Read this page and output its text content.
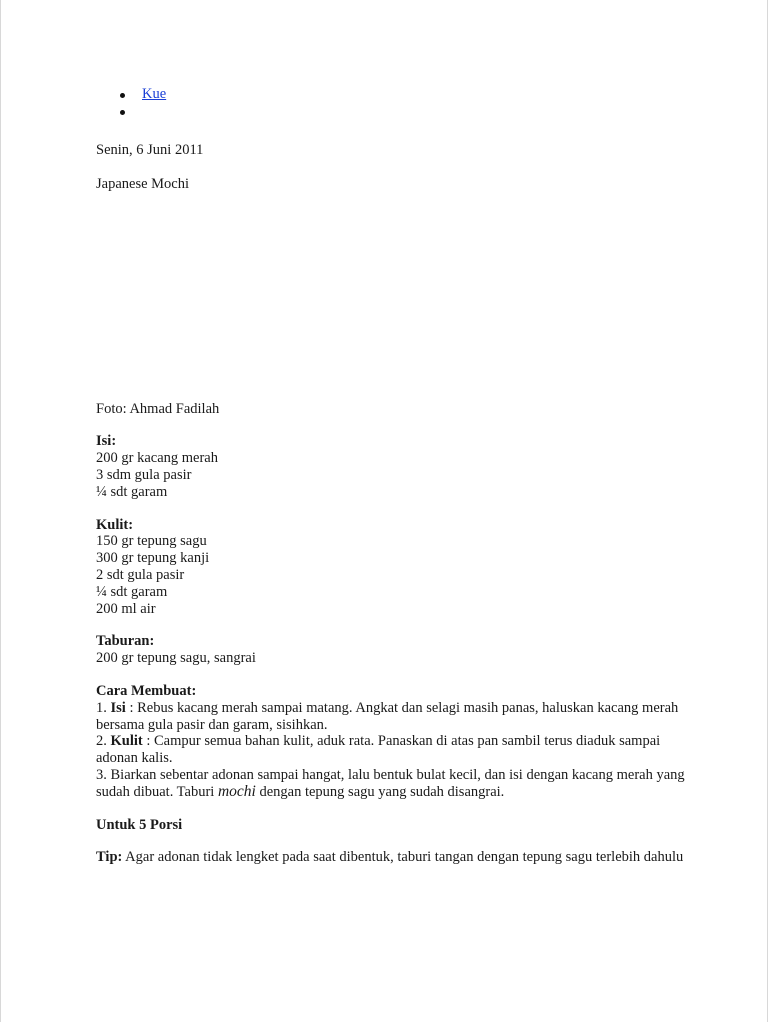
Kue

Senin, 6 Juni 2011

Japanese Mochi

Foto: Ahmad Fadilah

Isi:
200 gr kacang merah
3 sdm gula pasir
¼ sdt garam
Kulit:
150 gr tepung sagu
300 gr tepung kanji
2 sdt gula pasir
¼ sdt garam
200 ml air
Taburan:
200 gr tepung sagu, sangrai
Cara Membuat:
1. Isi : Rebus kacang merah sampai matang. Angkat dan selagi masih panas, haluskan kacang merah bersama gula pasir dan garam, sisihkan.
2. Kulit : Campur semua bahan kulit, aduk rata. Panaskan di atas pan sambil terus diaduk sampai adonan kalis.
3. Biarkan sebentar adonan sampai hangat, lalu bentuk bulat kecil, dan isi dengan kacang merah yang sudah dibuat. Taburi mochi dengan tepung sagu yang sudah disangrai.
Untuk 5 Porsi
Tip: Agar adonan tidak lengket pada saat dibentuk, taburi tangan dengan tepung sagu terlebih dahulu
